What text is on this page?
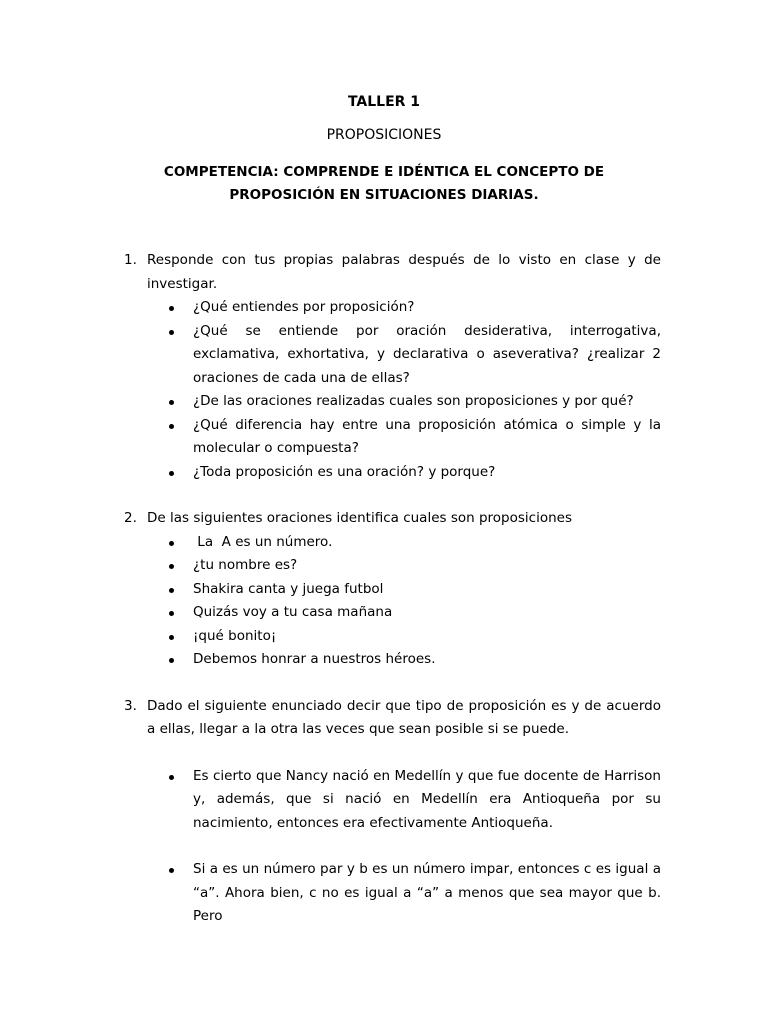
TALLER 1
PROPOSICIONES
COMPETENCIA: COMPRENDE E IDÉNTICA EL CONCEPTO DE
PROPOSICIÓN EN SITUACIONES DIARIAS.
1. Responde con tus propias palabras después de lo visto en clase y de investigar.
¿Qué entiendes por proposición?
¿Qué se entiende por oración desiderativa, interrogativa, exclamativa, exhortativa, y declarativa o aseverativa? ¿realizar 2 oraciones de cada una de ellas?
¿De las oraciones realizadas cuales son proposiciones y por qué?
¿Qué diferencia hay entre una proposición atómica o simple y la molecular o compuesta?
¿Toda proposición es una oración? y porque?
2. De las siguientes oraciones identifica cuales son proposiciones
La  A es un número.
¿tu nombre es?
Shakira canta y juega futbol
Quizás voy a tu casa mañana
¡qué bonito¡
Debemos honrar a nuestros héroes.
3. Dado el siguiente enunciado decir que tipo de proposición es y de acuerdo a ellas, llegar a la otra las veces que sean posible si se puede.
Es cierto que Nancy nació en Medellín y que fue docente de Harrison y, además, que si nació en Medellín era Antioqueña por su nacimiento, entonces era efectivamente Antioqueña.
Si a es un número par y b es un número impar, entonces c es igual a “a”. Ahora bien, c no es igual a “a” a menos que sea mayor que b. Pero
